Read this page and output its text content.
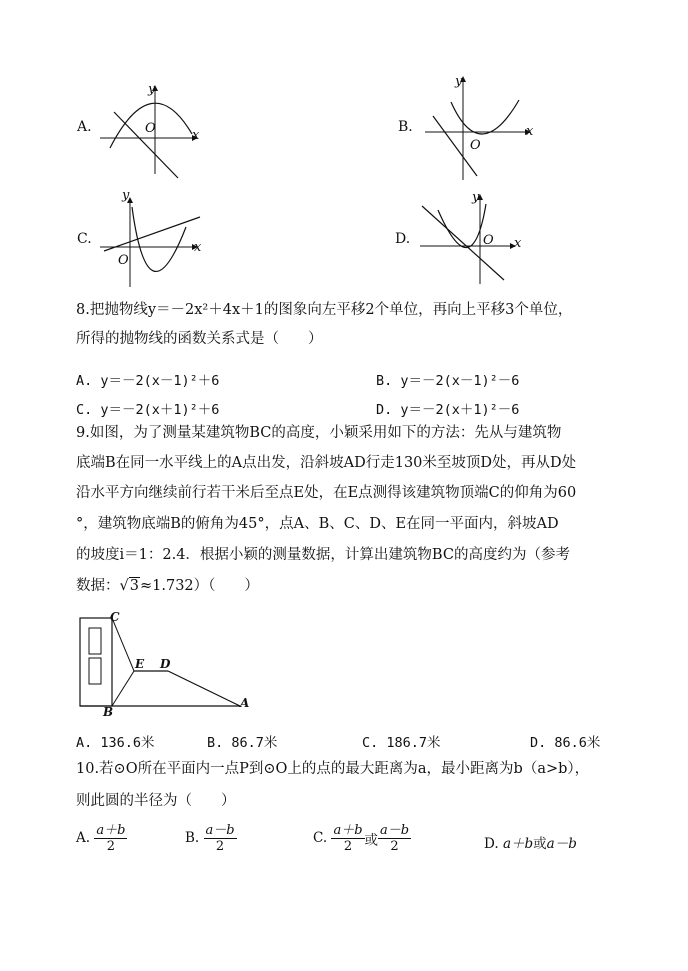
A.
y
x
O	B.
y
x
O
C.
y
x
O
D.
y
x
O
8.把抛物线y＝－2x²＋4x＋1的图象向左平移2个单位，再向上平移3个单位，
所得的抛物线的函数关系式是（　　）
A. y＝－2(x－1)²＋6	B. y＝－2(x－1)²－6
C. y＝－2(x＋1)²＋6	D. y＝－2(x＋1)²－6
9.如图，为了测量某建筑物BC的高度，小颖采用如下的方法：先从与建筑物
底端B在同一水平线上的A点出发，沿斜坡AD行走130米至坡顶D处，再从D处
沿水平方向继续前行若干米后至点E处，在E点测得该建筑物顶端C的仰角为60
°，建筑物底端B的俯角为45°，点A、B、C、D、E在同一平面内，斜坡AD
的坡度i＝1：2.4．根据小颖的测量数据，计算出建筑物BC的高度约为（参考
数据：√3≈1.732）（　　）
C
E D
B
A
A. 136.6米	B. 86.7米	C. 186.7米	D. 86.6米
10.若⊙O所在平面内一点P到⊙O上的点的最大距离为a，最小距离为b（a>b），
则此圆的半径为（　　）
A. $\frac{a+b}{2}$	B. $\frac{a-b}{2}$	C. $\frac{a+b}{2}$ 或 $\frac{a-b}{2}$	D. a＋b或a－b
